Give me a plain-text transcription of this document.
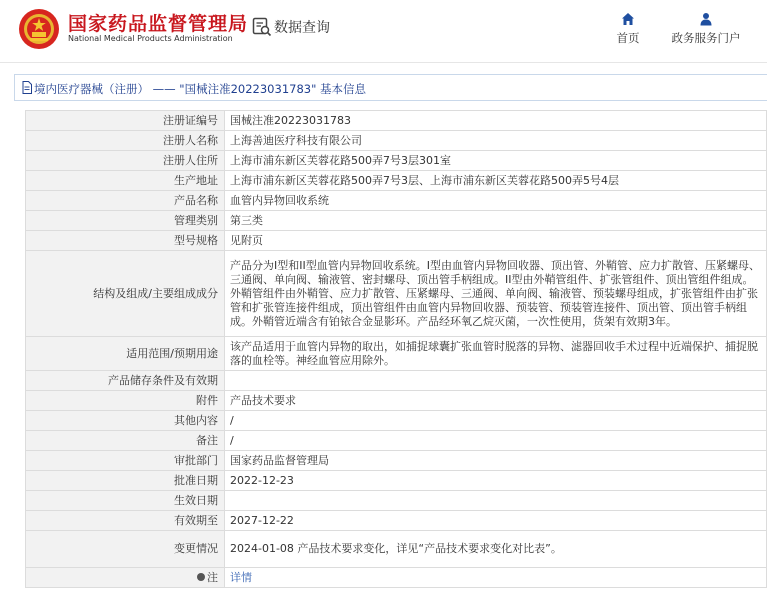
国家药品监督管理局
National Medical Products Administration
数据查询
首页	政务服务门户
境内医疗器械（注册） —— "国械注准20223031783" 基本信息
注册证编号	国械注准20223031783
注册人名称	上海善迪医疗科技有限公司
注册人住所	上海市浦东新区芙蓉花路500弄7号3层301室
生产地址	上海市浦东新区芙蓉花路500弄7号3层、上海市浦东新区芙蓉花路500弄5号4层
产品名称	血管内异物回收系统
管理类别	第三类
型号规格	见附页
结构及组成/主要组成成分	产品分为I型和II型血管内异物回收系统。I型由血管内异物回收器、顶出管、外鞘管、应力扩散管、压紧螺母、三通阀、单向阀、输液管、密封螺母、顶出管手柄组成。II型由外鞘管组件、扩张管组件、顶出管组件组成。外鞘管组件由外鞘管、应力扩散管、压紧螺母、三通阀、单向阀、输液管、预装螺母组成，扩张管组件由扩张管和扩张管连接件组成，顶出管组件由血管内异物回收器、预装管、预装管连接件、顶出管、顶出管手柄组成。外鞘管近端含有铂铱合金显影环。产品经环氧乙烷灭菌，一次性使用，货架有效期3年。
适用范围/预期用途	该产品适用于血管内异物的取出，如捕捉球囊扩张血管时脱落的异物、滤器回收手术过程中近端保护、捕捉脱落的血栓等。神经血管应用除外。
产品储存条件及有效期	
附件	产品技术要求
其他内容	/
备注	/
审批部门	国家药品监督管理局
批准日期	2022-12-23
生效日期	
有效期至	2027-12-22
变更情况	2024-01-08 产品技术要求变化，详见“产品技术要求变化对比表”。
注	详情
